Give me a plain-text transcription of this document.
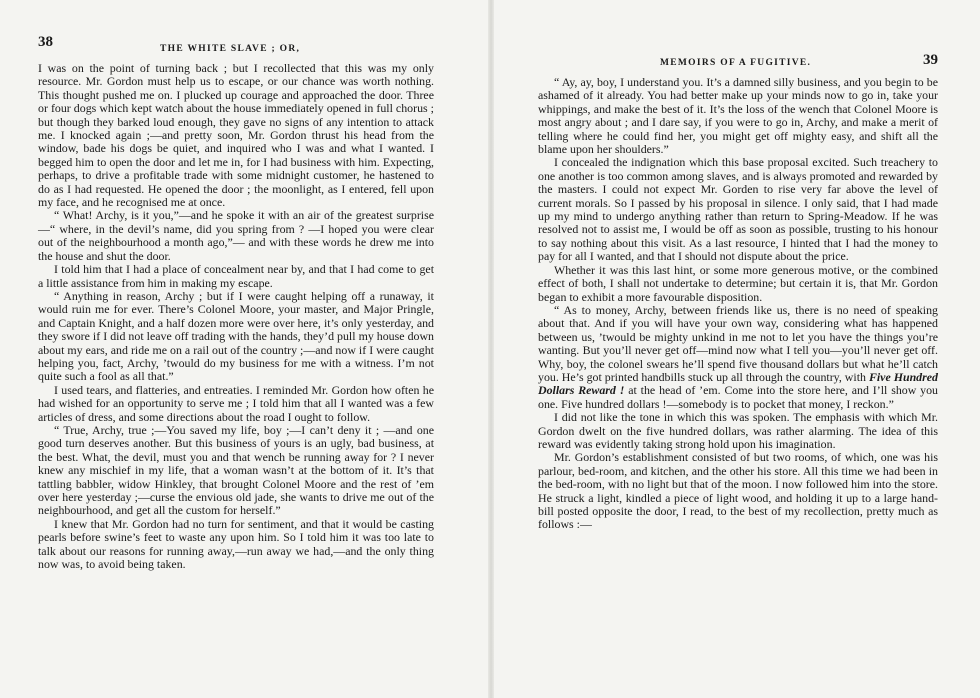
38	THE WHITE SLAVE ; OR,

I was on the point of turning back ; but I recollected that this was my only resource. Mr. Gordon must help us to escape, or our chance was worth nothing. This thought pushed me on. I plucked up courage and approached the door. Three or four dogs which kept watch about the house immediately opened in full chorus ; but though they barked loud enough, they gave no signs of any intention to attack me. I knocked again ;—and pretty soon, Mr. Gordon thrust his head from the window, bade his dogs be quiet, and inquired who I was and what I wanted. I begged him to open the door and let me in, for I had business with him. Expecting, perhaps, to drive a profitable trade with some midnight customer, he hastened to do as I had requested. He opened the door ; the moonlight, as I entered, fell upon my face, and he recognised me at once.

“ What! Archy, is it you,”—and he spoke it with an air of the greatest surprise—“ where, in the devil’s name, did you spring from ? —I hoped you were clear out of the neighbourhood a month ago,”— and with these words he drew me into the house and shut the door.

I told him that I had a place of concealment near by, and that I had come to get a little assistance from him in making my escape.

“ Anything in reason, Archy ; but if I were caught helping off a runaway, it would ruin me for ever. There’s Colonel Moore, your master, and Major Pringle, and Captain Knight, and a half dozen more were over here, it’s only yesterday, and they swore if I did not leave off trading with the hands, they’d pull my house down about my ears, and ride me on a rail out of the country ;—and now if I were caught helping you, fact, Archy, ’twould do my business for me with a witness. I’m not quite such a fool as all that.”

I used tears, and flatteries, and entreaties. I reminded Mr. Gordon how often he had wished for an opportunity to serve me ; I told him that all I wanted was a few articles of dress, and some directions about the road I ought to follow.

“ True, Archy, true ;—You saved my life, boy ;—I can’t deny it ; —and one good turn deserves another. But this business of yours is an ugly, bad business, at the best. What, the devil, must you and that wench be running away for ? I never knew any mischief in my life, that a woman wasn’t at the bottom of it. It’s that tattling babbler, widow Hinkley, that brought Colonel Moore and the rest of ’em over here yesterday ;—curse the envious old jade, she wants to drive me out of the neighbourhood, and get all the custom for herself.”

I knew that Mr. Gordon had no turn for sentiment, and that it would be casting pearls before swine’s feet to waste any upon him. So I told him it was too late to talk about our reasons for running away,—run away we had,—and the only thing now was, to avoid being taken.

MEMOIRS OF A FUGITIVE.	39

“ Ay, ay, boy, I understand you. It’s a damned silly business, and you begin to be ashamed of it already. You had better make up your minds now to go in, take your whippings, and make the best of it. It’s the loss of the wench that Colonel Moore is most angry about ; and I dare say, if you were to go in, Archy, and make a merit of telling where he could find her, you might get off mighty easy, and shift all the blame upon her shoulders.”

I concealed the indignation which this base proposal excited. Such treachery to one another is too common among slaves, and is always promoted and rewarded by the masters. I could not expect Mr. Gorden to rise very far above the level of current morals. So I passed by his proposal in silence. I only said, that I had made up my mind to undergo anything rather than return to Spring-Meadow. If he was resolved not to assist me, I would be off as soon as possible, trusting to his honour to say nothing about this visit. As a last resource, I hinted that I had the money to pay for all I wanted, and that I should not dispute about the price.

Whether it was this last hint, or some more generous motive, or the combined effect of both, I shall not undertake to determine; but certain it is, that Mr. Gordon began to exhibit a more favourable disposition.

“ As to money, Archy, between friends like us, there is no need of speaking about that. And if you will have your own way, considering what has happened between us, ’twould be mighty unkind in me not to let you have the things you’re wanting. But you’ll never get off—mind now what I tell you—you’ll never get off. Why, boy, the colonel swears he’ll spend five thousand dollars but what he’ll catch you. He’s got printed handbills stuck up all through the country, with Five Hundred Dollars Reward ! at the head of ’em. Come into the store here, and I’ll show you one. Five hundred dollars !—somebody is to pocket that money, I reckon.”

I did not like the tone in which this was spoken. The emphasis with which Mr. Gordon dwelt on the five hundred dollars, was rather alarming. The idea of this reward was evidently taking strong hold upon his imagination.

Mr. Gordon’s establishment consisted of but two rooms, of which, one was his parlour, bed-room, and kitchen, and the other his store. All this time we had been in the bed-room, with no light but that of the moon. I now followed him into the store. He struck a light, kindled a piece of light wood, and holding it up to a large hand-bill posted opposite the door, I read, to the best of my recollection, pretty much as follows :—
